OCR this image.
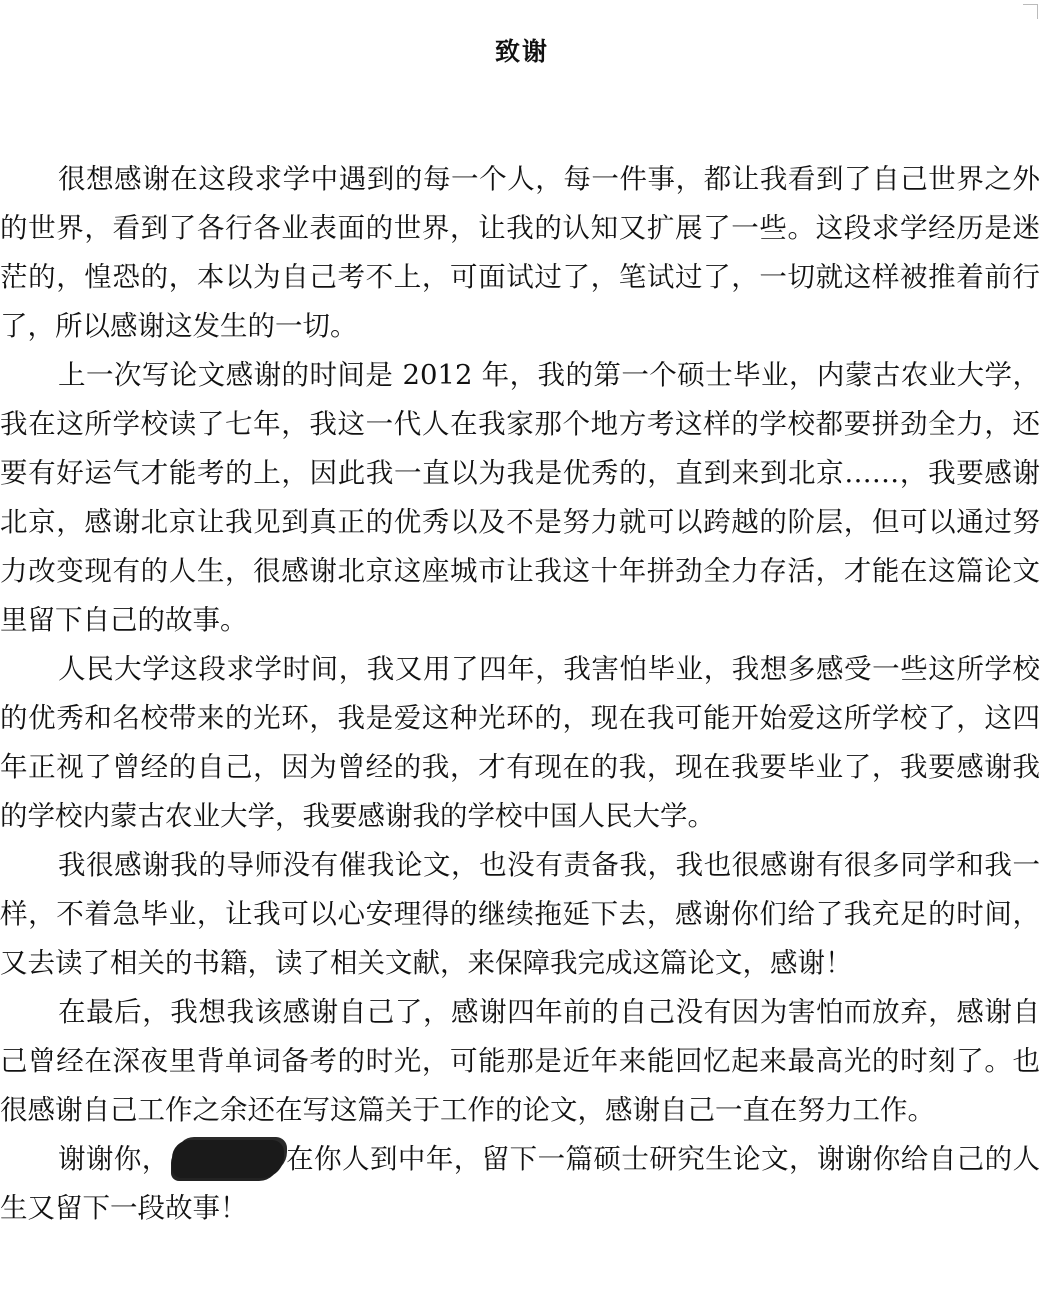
致谢

很想感谢在这段求学中遇到的每一个人，每一件事，都让我看到了自己世界之外的世界，看到了各行各业表面的世界，让我的认知又扩展了一些。这段求学经历是迷茫的，惶恐的，本以为自己考不上，可面试过了，笔试过了，一切就这样被推着前行了，所以感谢这发生的一切。

上一次写论文感谢的时间是 2012 年，我的第一个硕士毕业，内蒙古农业大学，我在这所学校读了七年，我这一代人在我家那个地方考这样的学校都要拼劲全力，还要有好运气才能考的上，因此我一直以为我是优秀的，直到来到北京……，我要感谢北京，感谢北京让我见到真正的优秀以及不是努力就可以跨越的阶层，但可以通过努力改变现有的人生，很感谢北京这座城市让我这十年拼劲全力存活，才能在这篇论文里留下自己的故事。

人民大学这段求学时间，我又用了四年，我害怕毕业，我想多感受一些这所学校的优秀和名校带来的光环，我是爱这种光环的，现在我可能开始爱这所学校了，这四年正视了曾经的自己，因为曾经的我，才有现在的我，现在我要毕业了，我要感谢我的学校内蒙古农业大学，我要感谢我的学校中国人民大学。

我很感谢我的导师没有催我论文，也没有责备我，我也很感谢有很多同学和我一样，不着急毕业，让我可以心安理得的继续拖延下去，感谢你们给了我充足的时间，又去读了相关的书籍，读了相关文献，来保障我完成这篇论文，感谢！

在最后，我想我该感谢自己了，感谢四年前的自己没有因为害怕而放弃，感谢自己曾经在深夜里背单词备考的时光，可能那是近年来能回忆起来最高光的时刻了。也很感谢自己工作之余还在写这篇关于工作的论文，感谢自己一直在努力工作。

谢谢你，	在你人到中年，留下一篇硕士研究生论文，谢谢你给自己的人生又留下一段故事！
